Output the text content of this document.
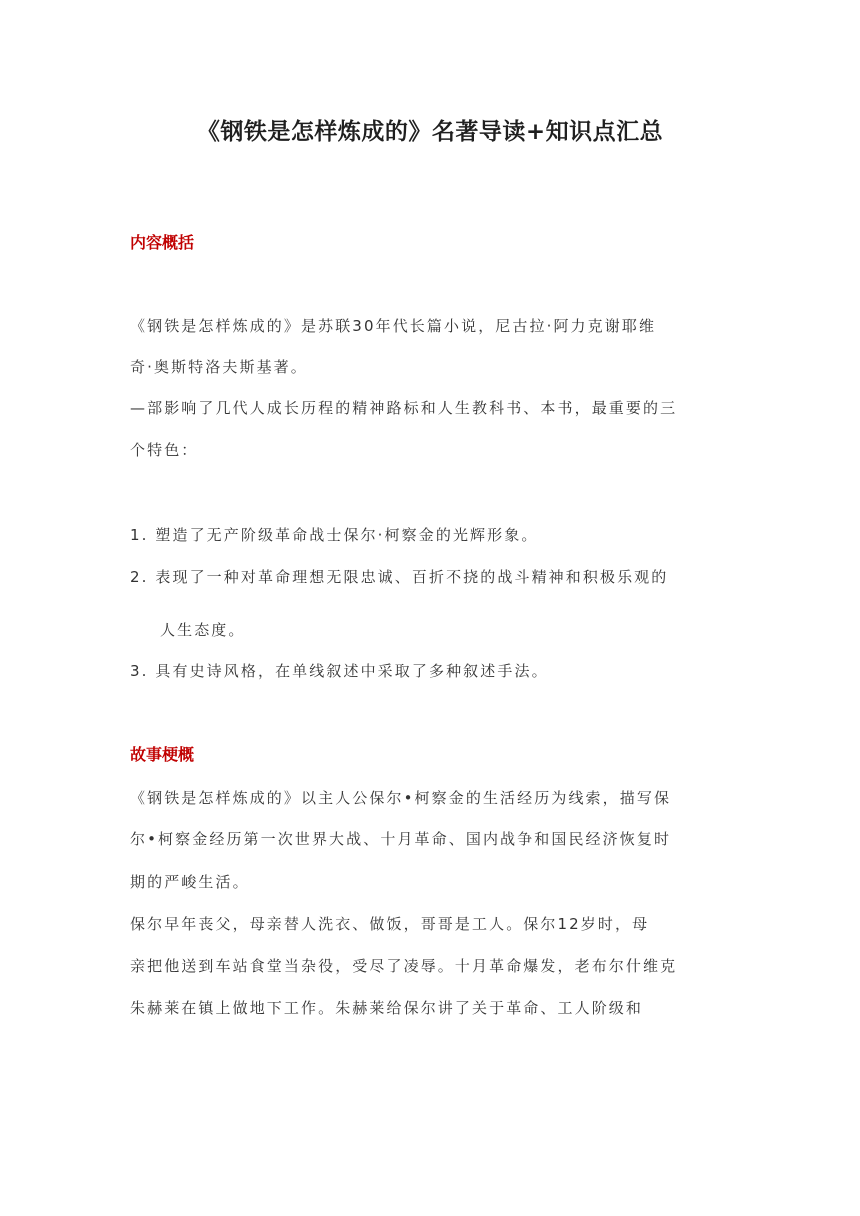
《钢铁是怎样炼成的》名著导读+知识点汇总
内容概括
《钢铁是怎样炼成的》是苏联30年代长篇小说，尼古拉·阿力克谢耶维
奇·奥斯特洛夫斯基著。
—部影响了几代人成长历程的精神路标和人生教科书、本书，最重要的三
个特色：
1. 塑造了无产阶级革命战士保尔·柯察金的光辉形象。
2. 表现了一种对革命理想无限忠诚、百折不挠的战斗精神和积极乐观的
人生态度。
3. 具有史诗风格，在单线叙述中采取了多种叙述手法。
故事梗概
《钢铁是怎样炼成的》以主人公保尔•柯察金的生活经历为线索，描写保
尔•柯察金经历第一次世界大战、十月革命、国内战争和国民经济恢复时
期的严峻生活。
保尔早年丧父，母亲替人洗衣、做饭，哥哥是工人。保尔12岁时，母
亲把他送到车站食堂当杂役，受尽了凌辱。十月革命爆发，老布尔什维克
朱赫莱在镇上做地下工作。朱赫莱给保尔讲了关于革命、工人阶级和
